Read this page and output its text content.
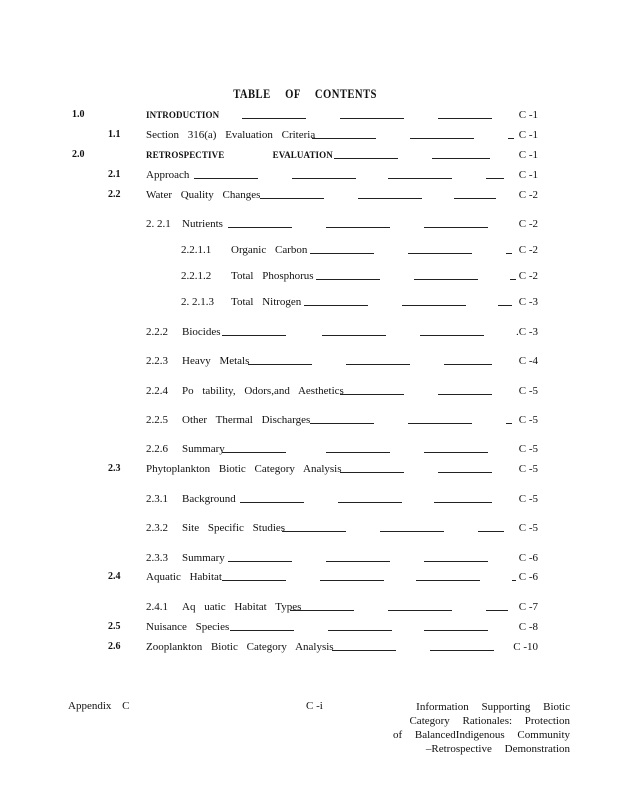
TABLE OF CONTENTS
1.0	INTRODUCTION	C -1
1.1 Section 316(a) Evaluation Criteria	C -1
2.0	RETROSPECTIVE EVALUATION	C -1
2.1 Approach	C -1
2.2 Water Quality Changes	C -2
2. 2.1 Nutrients	C -2
2.2.1.1 Organic Carbon	C -2
2.2.1.2 Total Phosphorus	C -2
2. 2.1.3 Total Nitrogen	C -3
2.2.2 Biocides	.C -3
2.2.3 Heavy Metals	C -4
2.2.4 Po tability, Odors,and Aesthetics	C -5
2.2.5 Other Thermal Discharges	C -5
2.2.6 Summary	C -5
2.3 Phytoplankton Biotic Category Analysis	C -5
2.3.1 Background	C -5
2.3.2 Site Specific Studies	C -5
2.3.3 Summary	C -6
2.4 Aquatic Habitat	C -6
2.4.1 Aq uatic Habitat Types	C -7
2.5 Nuisance Species	C -8
2.6 Zooplankton Biotic Category Analysis	C -10
Appendix C	C -i	Information Supporting Biotic
Category Rationales: Protection
of BalancedIndigenous Community
–Retrospective Demonstration
